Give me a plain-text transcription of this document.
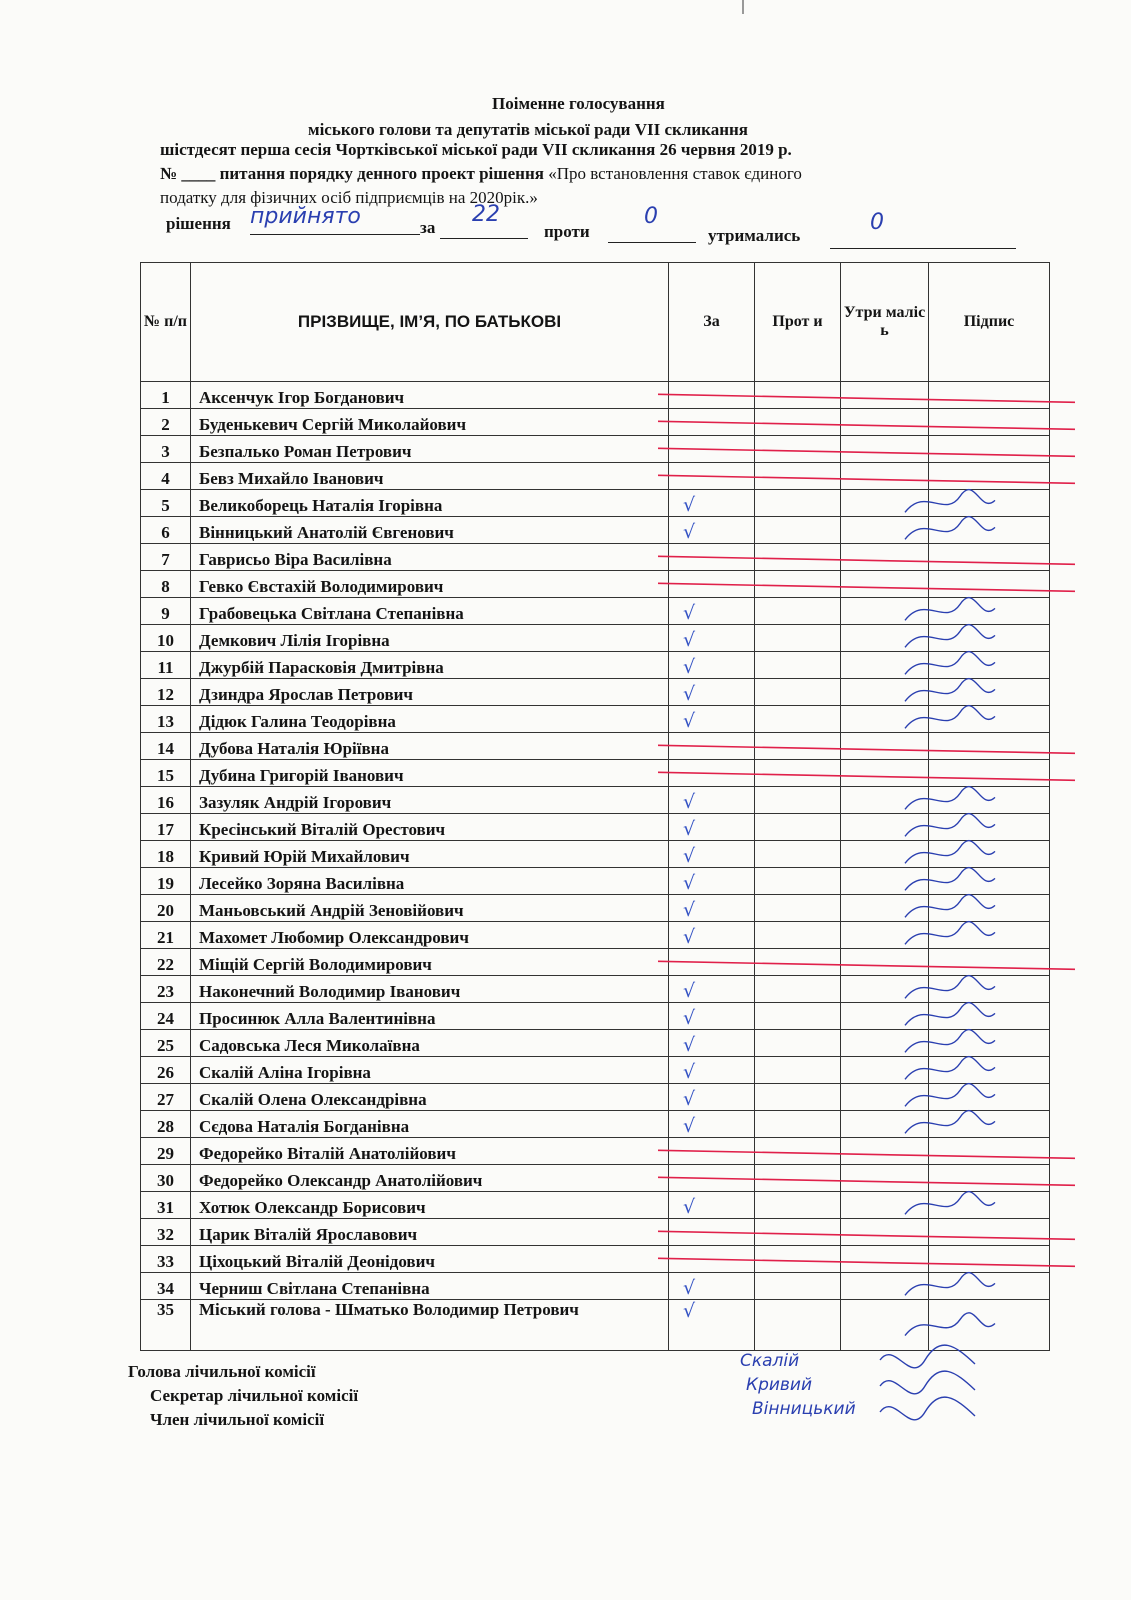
Поіменне голосування
міського голови та депутатів міської ради VII скликання
шістдесят перша сесія Чортківської міської ради VII скликання 26 червня 2019 р.
№ ____ питання порядку денного проект рішення «Про встановлення ставок єдиного
податку для фізичних осіб підприємців на 2020рік.»
рішення прийнято	за
22
проти
0
утримались
0
№ п/п	ПРІЗВИЩЕ, ІМ’Я, ПО БАТЬКОВІ	За	Прот и	Утри маліс ь	Підпис
1	Аксенчук Ігор Богданович				
2	Буденькевич Сергій Миколайович				
3	Безпалько Роман Петрович				
4	Бевз Михайло Іванович				
5	Великоборець Наталія Ігорівна	√			
6	Вінницький Анатолій Євгенович	√			
7	Гаврисьо Віра Василівна				
8	Гевко Євстахій Володимирович				
9	Грабовецька Світлана Степанівна	√			
10	Демкович Лілія Ігорівна	√			
11	Джурбій Парасковія Дмитрівна	√			
12	Дзиндра Ярослав Петрович	√			
13	Дідюк Галина Теодорівна	√			
14	Дубова Наталія Юріївна				
15	Дубина Григорій Іванович				
16	Зазуляк Андрій Ігорович	√			
17	Кресінський Віталій Орестович	√			
18	Кривий Юрій Михайлович	√			
19	Лесейко Зоряна Василівна	√			
20	Маньовський Андрій Зеновійович	√			
21	Махомет Любомир Олександрович	√			
22	Міщій Сергій Володимирович				
23	Наконечний Володимир Іванович	√			
24	Просинюк Алла Валентинівна	√			
25	Садовська Леся Миколаївна	√			
26	Скалій Аліна Ігорівна	√			
27	Скалій Олена Олександрівна	√			
28	Сєдова Наталія Богданівна	√			
29	Федорейко Віталій Анатолійович				
30	Федорейко Олександр Анатолійович				
31	Хотюк Олександр Борисович	√			
32	Царик Віталій Ярославович				
33	Ціхоцький Віталій Деонідович				
34	Черниш Світлана Степанівна	√			
35	Міський голова - Шматько Володимир Петрович	√			
Голова лічильної комісії
Секретар лічильної комісії
Член лічильної комісії
Скалій
Кривий
Вінницький
